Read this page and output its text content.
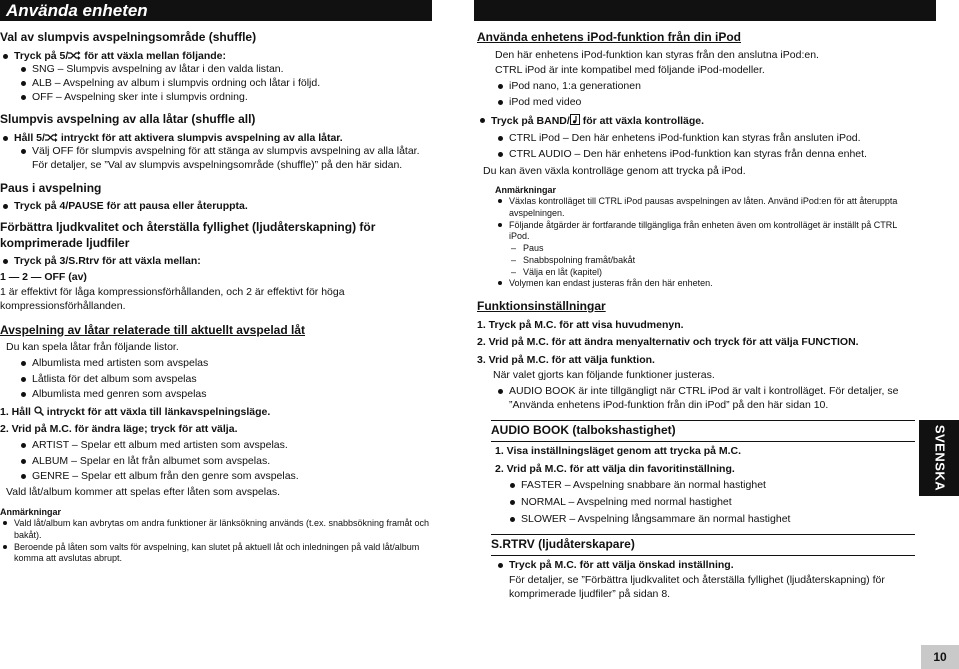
Använda enheten

Val av slumpvis avspelningsområde (shuffle)

Tryck på 5/ för att växla mellan följande:
SNG – Slumpvis avspelning av låtar i den valda listan.
ALB – Avspelning av album i slumpvis ordning och låtar i följd.
OFF – Avspelning sker inte i slumpvis ordning.

Slumpvis avspelning av alla låtar (shuffle all)

Håll 5/ intryckt för att aktivera slumpvis avspelning av alla låtar.
Välj OFF för slumpvis avspelning för att stänga av slumpvis avspelning av alla låtar. För detaljer, se ”Val av slumpvis avspelningsområde (shuffle)” på den här sidan.

Paus i avspelning

Tryck på 4/PAUSE för att pausa eller återuppta.

Förbättra ljudkvalitet och återställa fyllighet (ljudåterskapning) för komprimerade ljudfiler

Tryck på 3/S.Rtrv för att växla mellan:

1 — 2 — OFF (av)

1 är effektivt för låga kompressionsförhållanden, och 2 är effektivt för höga kompressionsförhållanden.

Avspelning av låtar relaterade till aktuellt avspelad låt

Du kan spela låtar från följande listor.

Albumlista med artisten som avspelas
Låtlista för det album som avspelas
Albumlista med genren som avspelas

1. Håll  intryckt för att växla till länkavspelningsläge.

2. Vrid på M.C. för ändra läge; tryck för att välja.

ARTIST – Spelar ett album med artisten som avspelas.
ALBUM – Spelar en låt från albumet som avspelas.
GENRE – Spelar ett album från den genre som avspelas.

Vald låt/album kommer att spelas efter låten som avspelas.

Anmärkningar

Vald låt/album kan avbrytas om andra funktioner är länksökning används (t.ex. snabbsökning framåt och bakåt).
Beroende på låten som valts för avspelning, kan slutet på aktuell låt och inledningen på vald låt/album komma att avslutas abrupt.

Använda enhetens iPod-funktion från din iPod

Den här enhetens iPod-funktion kan styras från den anslutna iPod:en.

CTRL iPod är inte kompatibel med följande iPod-modeller.

iPod nano, 1:a generationen
iPod med video
Tryck på BAND/ för att växla kontrolläge.
CTRL iPod – Den här enhetens iPod-funktion kan styras från ansluten iPod.
CTRL AUDIO – Den här enhetens iPod-funktion kan styras från denna enhet.

Du kan även växla kontrolläge genom att trycka på iPod.

Anmärkningar

Växlas kontrolläget till CTRL iPod pausas avspelningen av låten. Använd iPod:en för att återuppta avspelningen.
Följande åtgärder är fortfarande tillgängliga från enheten även om kontrolläget är inställt på CTRL iPod.
– Paus
– Snabbspolning framåt/bakåt
– Välja en låt (kapitel)
Volymen kan endast justeras från den här enheten.

Funktionsinställningar

1. Tryck på M.C. för att visa huvudmenyn.

2. Vrid på M.C. för att ändra menyalternativ och tryck för att välja FUNCTION.

3. Vrid på M.C. för att välja funktion.

När valet gjorts kan följande funktioner justeras.

AUDIO BOOK är inte tillgängligt när CTRL iPod är valt i kontrolläget. För detaljer, se ”Använda enhetens iPod-funktion från din iPod” på den här sidan 10.

AUDIO BOOK (talbokshastighet)

1. Visa inställningsläget genom att trycka på M.C.

2. Vrid på M.C. för att välja din favoritinställning.

FASTER – Avspelning snabbare än normal hastighet
NORMAL – Avspelning med normal hastighet
SLOWER – Avspelning långsammare än normal hastighet

S.RTRV (ljudåterskapare)

Tryck på M.C. för att välja önskad inställning.

För detaljer, se ”Förbättra ljudkvalitet och återställa fyllighet (ljudåterskapning) för komprimerade ljudfiler” på sidan 8.

SVENSKA
10
